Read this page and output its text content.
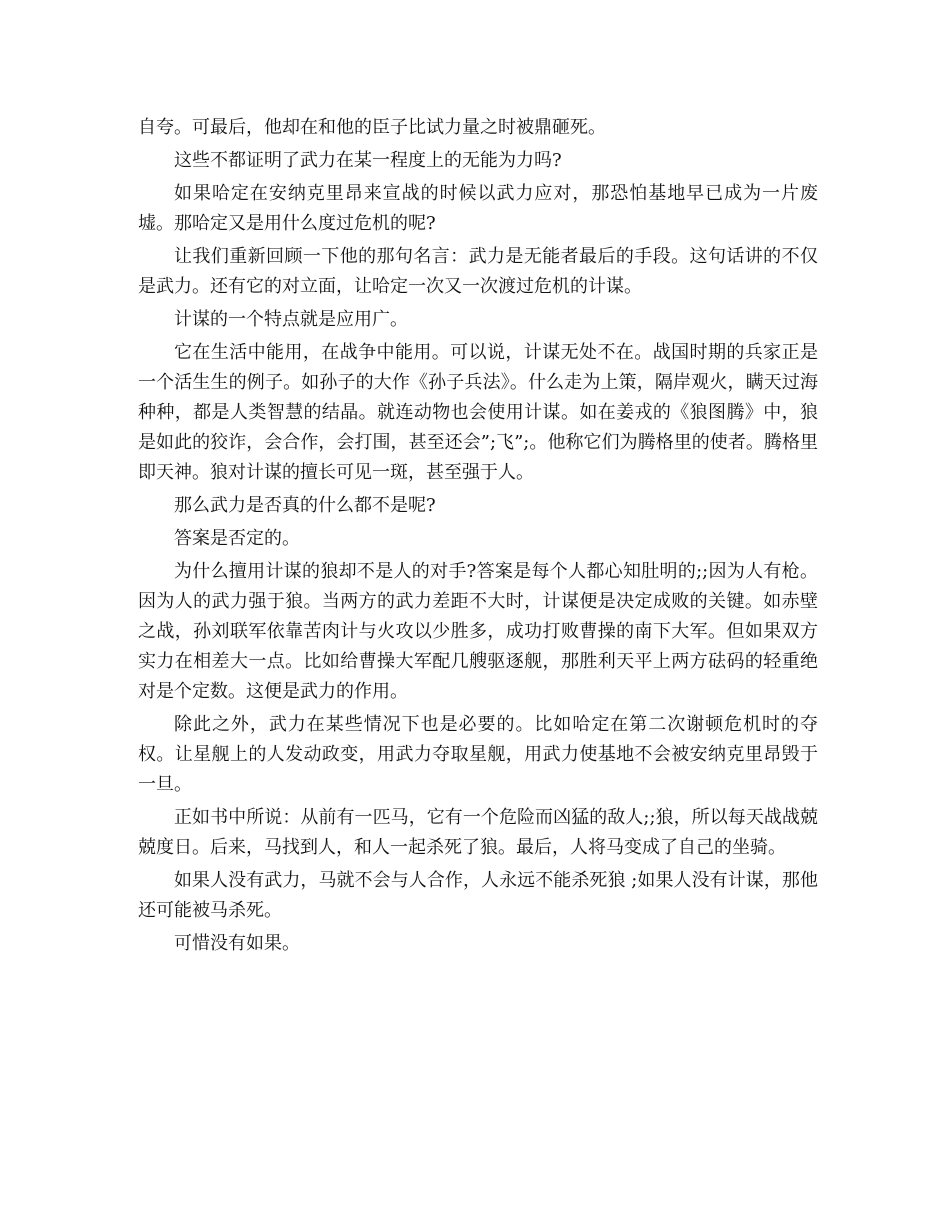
自夸。可最后，他却在和他的臣子比试力量之时被鼎砸死。

这些不都证明了武力在某一程度上的无能为力吗?

如果哈定在安纳克里昂来宣战的时候以武力应对，那恐怕基地早已成为一片废墟。那哈定又是用什么度过危机的呢?

让我们重新回顾一下他的那句名言：武力是无能者最后的手段。这句话讲的不仅是武力。还有它的对立面，让哈定一次又一次渡过危机的计谋。

计谋的一个特点就是应用广。

它在生活中能用，在战争中能用。可以说，计谋无处不在。战国时期的兵家正是一个活生生的例子。如孙子的大作《孙子兵法》。什么走为上策，隔岸观火，瞒天过海种种，都是人类智慧的结晶。就连动物也会使用计谋。如在姜戎的《狼图腾》中，狼是如此的狡诈，会合作，会打围，甚至还会”;飞”;。他称它们为腾格里的使者。腾格里即天神。狼对计谋的擅长可见一斑，甚至强于人。

那么武力是否真的什么都不是呢?

答案是否定的。

为什么擅用计谋的狼却不是人的对手?答案是每个人都心知肚明的;;因为人有枪。因为人的武力强于狼。当两方的武力差距不大时，计谋便是决定成败的关键。如赤壁之战，孙刘联军依靠苦肉计与火攻以少胜多，成功打败曹操的南下大军。但如果双方实力在相差大一点。比如给曹操大军配几艘驱逐舰，那胜利天平上两方砝码的轻重绝对是个定数。这便是武力的作用。

除此之外，武力在某些情况下也是必要的。比如哈定在第二次谢顿危机时的夺权。让星舰上的人发动政变，用武力夺取星舰，用武力使基地不会被安纳克里昂毁于一旦。

正如书中所说：从前有一匹马，它有一个危险而凶猛的敌人;;狼，所以每天战战兢兢度日。后来，马找到人，和人一起杀死了狼。最后，人将马变成了自己的坐骑。

如果人没有武力，马就不会与人合作，人永远不能杀死狼 ;如果人没有计谋，那他还可能被马杀死。

可惜没有如果。
